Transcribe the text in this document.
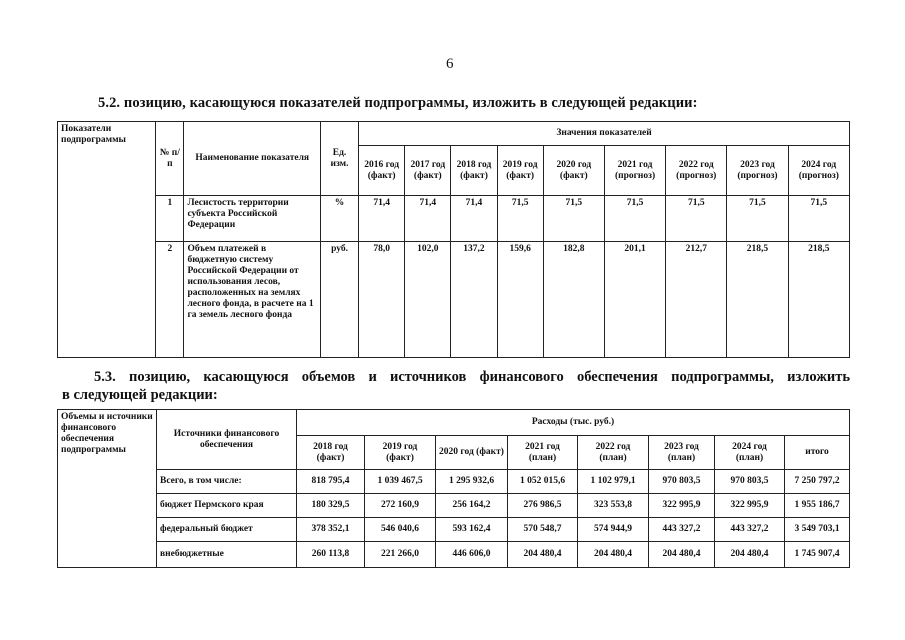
6
5.2. позицию, касающуюся показателей подпрограммы, изложить в следующей редакции:
Показатели подпрограммы	№ п/п	Наименование показателя	Ед. изм.	Значения показателей								
				2016 год (факт)	2017 год (факт)	2018 год (факт)	2019 год (факт)	2020 год (факт)	2021 год (прогноз)	2022 год (прогноз)	2023 год (прогноз)	2024 год (прогноз)
	1	Лесистость территории субъекта Российской Федерации	%	71,4	71,4	71,4	71,5	71,5	71,5	71,5	71,5	71,5
	2	Объем платежей в бюджетную систему Российской Федерации от использования лесов, расположенных на землях лесного фонда, в расчете на 1 га земель лесного фонда	руб.	78,0	102,0	137,2	159,6	182,8	201,1	212,7	218,5	218,5
5.3. позицию, касающуюся объемов и источников финансового обеспечения подпрограммы, изложить
в следующей редакции:
Объемы и источники финансового обеспечения подпрограммы	Источники финансового обеспечения	Расходы (тыс. руб.)							
		2018 год (факт)	2019 год (факт)	2020 год (факт)	2021 год (план)	2022 год (план)	2023 год (план)	2024 год (план)	итого
	Всего, в том числе:	818 795,4	1 039 467,5	1 295 932,6	1 052 015,6	1 102 979,1	970 803,5	970 803,5	7 250 797,2
	бюджет Пермского края	180 329,5	272 160,9	256 164,2	276 986,5	323 553,8	322 995,9	322 995,9	1 955 186,7
	федеральный бюджет	378 352,1	546 040,6	593 162,4	570 548,7	574 944,9	443 327,2	443 327,2	3 549 703,1
	внебюджетные	260 113,8	221 266,0	446 606,0	204 480,4	204 480,4	204 480,4	204 480,4	1 745 907,4
